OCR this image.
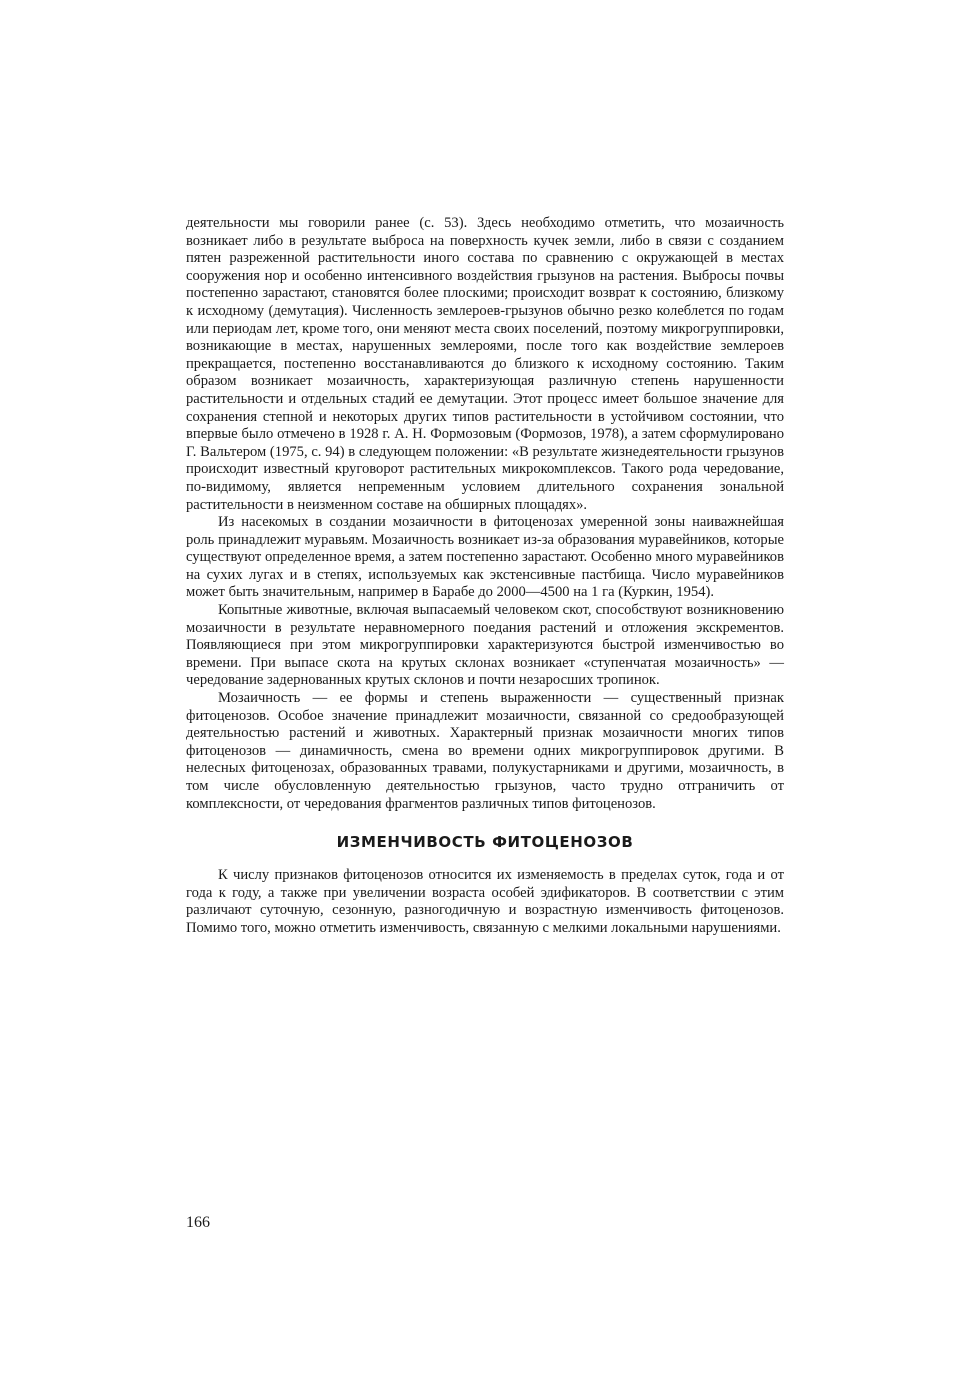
деятельности мы говорили ранее (с. 53). Здесь необходимо отметить, что мозаичность возникает либо в результате выброса на поверхность кучек земли, либо в связи с созданием пятен разреженной растительности иного состава по сравнению с окружающей в местах сооружения нор и особенно интенсивного воздействия грызунов на растения. Выбросы почвы постепенно зарастают, становятся более плоскими; происходит возврат к состоянию, близкому к исходному (демутация). Численность землероев-грызунов обычно резко колеблется по годам или периодам лет, кроме того, они меняют места своих поселений, поэтому микрогруппировки, возникающие в местах, нарушенных землероями, после того как воздействие землероев прекращается, постепенно восстанавливаются до близкого к исходному состоянию. Таким образом возникает мозаичность, характеризующая различную степень нарушенности растительности и отдельных стадий ее демутации. Этот процесс имеет большое значение для сохранения степной и некоторых других типов растительности в устойчивом состоянии, что впервые было отмечено в 1928 г. А. Н. Формозовым (Формозов, 1978), а затем сформулировано Г. Вальтером (1975, с. 94) в следующем положении: «В результате жизнедеятельности грызунов происходит известный круговорот растительных микрокомплексов. Такого рода чередование, по-видимому, является непременным условием длительного сохранения зональной растительности в неизменном составе на обширных площадях».

Из насекомых в создании мозаичности в фитоценозах умеренной зоны наиважнейшая роль принадлежит муравьям. Мозаичность возникает из-за образования муравейников, которые существуют определенное время, а затем постепенно зарастают. Особенно много муравейников на сухих лугах и в степях, используемых как экстенсивные пастбища. Число муравейников может быть значительным, например в Барабе до 2000—4500 на 1 га (Куркин, 1954).

Копытные животные, включая выпасаемый человеком скот, способствуют возникновению мозаичности в результате неравномерного поедания растений и отложения экскрементов. Появляющиеся при этом микрогруппировки характеризуются быстрой изменчивостью во времени. При выпасе скота на крутых склонах возникает «ступенчатая мозаичность» — чередование задернованных крутых склонов и почти незаросших тропинок.

Мозаичность — ее формы и степень выраженности — существенный признак фитоценозов. Особое значение принадлежит мозаичности, связанной со средообразующей деятельностью растений и животных. Характерный признак мозаичности многих типов фитоценозов — динамичность, смена во времени одних микрогруппировок другими. В нелесных фитоценозах, образованных травами, полукустарниками и другими, мозаичность, в том числе обусловленную деятельностью грызунов, часто трудно отграничить от комплексности, от чередования фрагментов различных типов фитоценозов.

ИЗМЕНЧИВОСТЬ ФИТОЦЕНОЗОВ

К числу признаков фитоценозов относится их изменяемость в пределах суток, года и от года к году, а также при увеличении возраста особей эдификаторов. В соответствии с этим различают суточную, сезонную, разногодичную и возрастную изменчивость фитоценозов. Помимо того, можно отметить изменчивость, связанную с мелкими локальными нарушениями.

166
